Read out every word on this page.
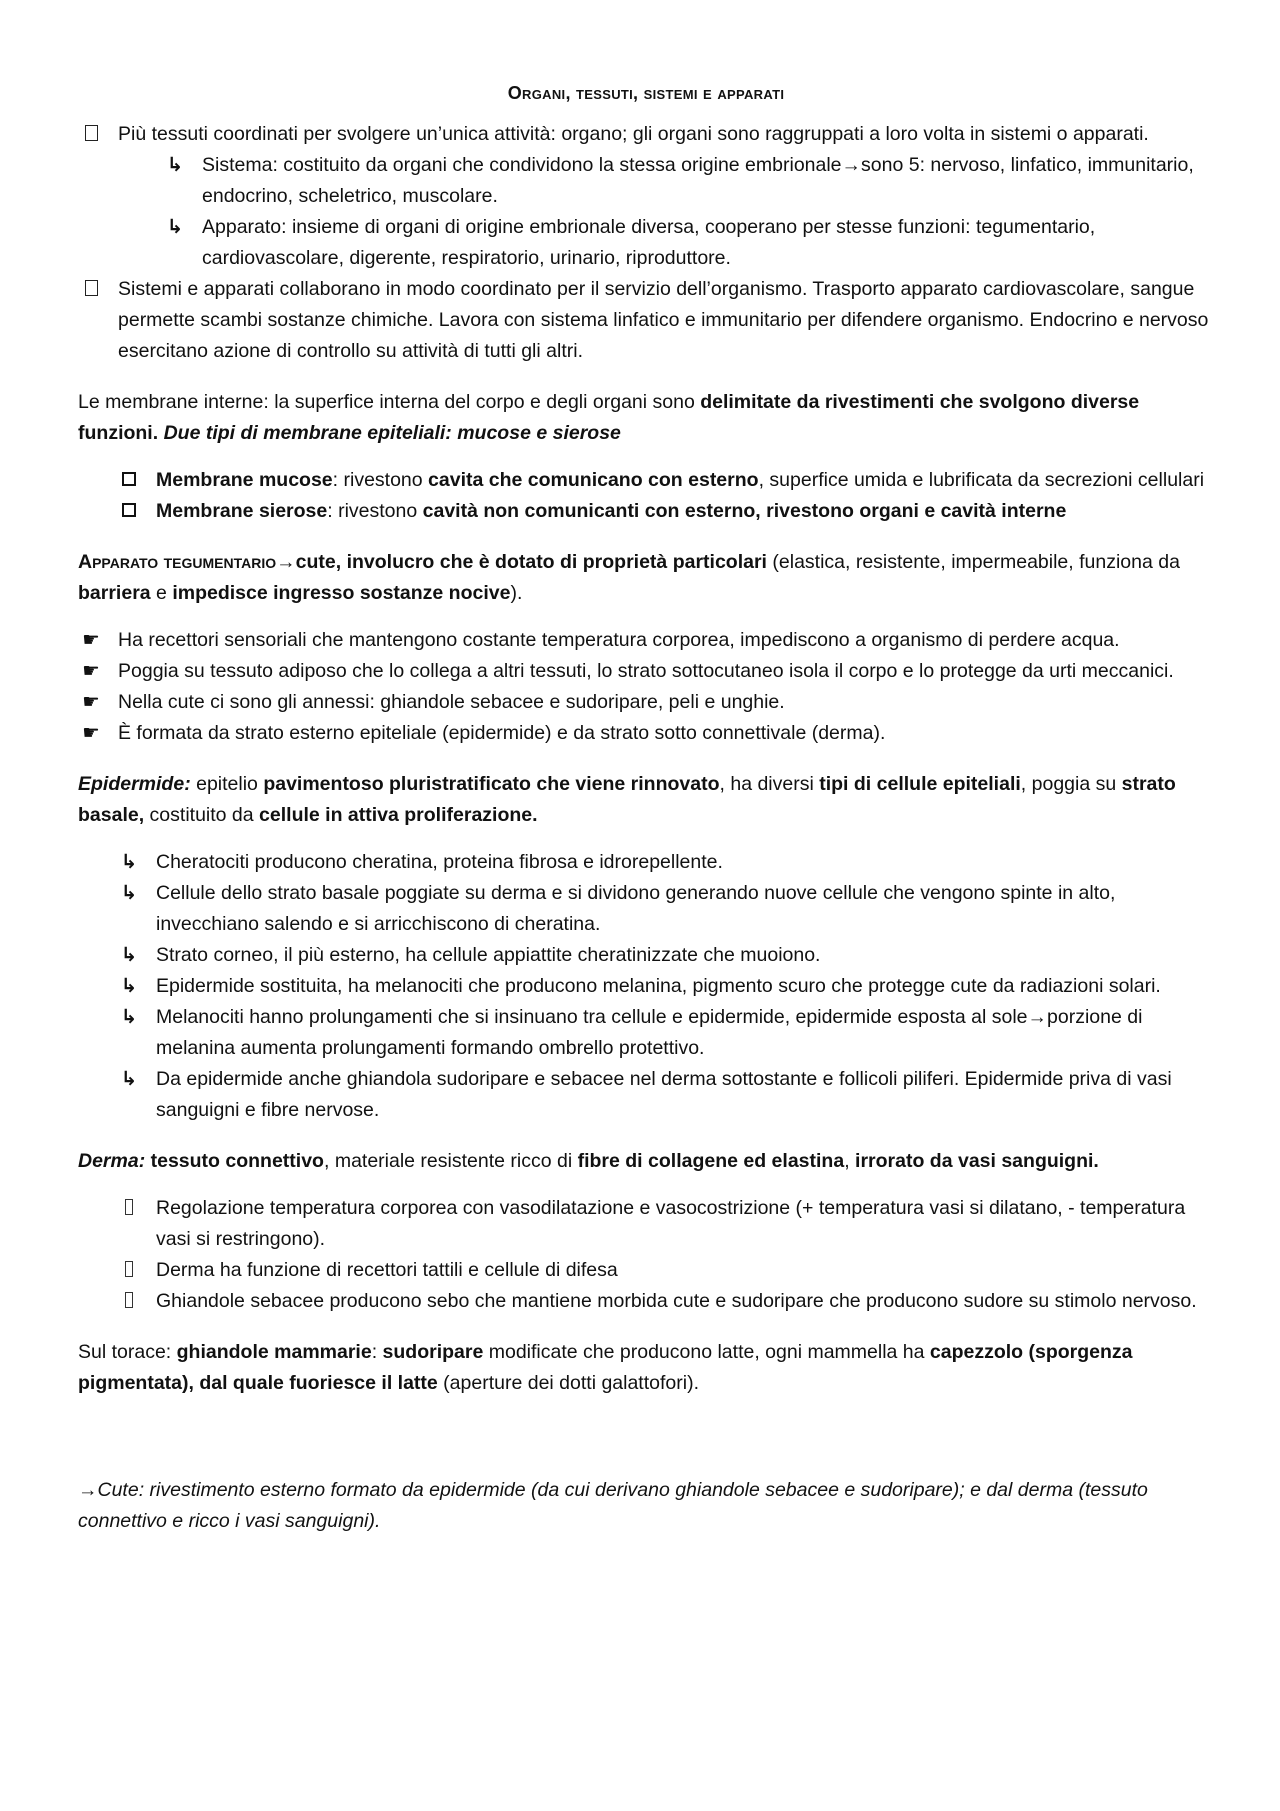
Organi, tessuti, sistemi e apparati
Più tessuti coordinati per svolgere un’unica attività: organo; gli organi sono raggruppati a loro volta in sistemi o apparati.
↳ Sistema: costituito da organi che condividono la stessa origine embrionale→sono 5: nervoso, linfatico, immunitario, endocrino, scheletrico, muscolare.
↳ Apparato: insieme di organi di origine embrionale diversa, cooperano per stesse funzioni: tegumentario, cardiovascolare, digerente, respiratorio, urinario, riproduttore.
Sistemi e apparati collaborano in modo coordinato per il servizio dell’organismo. Trasporto apparato cardiovascolare, sangue permette scambi sostanze chimiche. Lavora con sistema linfatico e immunitario per difendere organismo. Endocrino e nervoso esercitano azione di controllo su attività di tutti gli altri.

Le membrane interne: la superfice interna del corpo e degli organi sono delimitate da rivestimenti che svolgono diverse funzioni. Due tipi di membrane epiteliali: mucose e sierose

Membrane mucose: rivestono cavita che comunicano con esterno, superfice umida e lubrificata da secrezioni cellulari
Membrane sierose: rivestono cavità non comunicanti con esterno, rivestono organi e cavità interne

Apparato tegumentario→cute, involucro che è dotato di proprietà particolari (elastica, resistente, impermeabile, funziona da barriera e impedisce ingresso sostanze nocive).

☛ Ha recettori sensoriali che mantengono costante temperatura corporea, impediscono a organismo di perdere acqua.
☛ Poggia su tessuto adiposo che lo collega a altri tessuti, lo strato sottocutaneo isola il corpo e lo protegge da urti meccanici.
☛ Nella cute ci sono gli annessi: ghiandole sebacee e sudoripare, peli e unghie.
☛ È formata da strato esterno epiteliale (epidermide) e da strato sotto connettivale (derma).

Epidermide: epitelio pavimentoso pluristratificato che viene rinnovato, ha diversi tipi di cellule epiteliali, poggia su strato basale, costituito da cellule in attiva proliferazione.

↳ Cheratociti producono cheratina, proteina fibrosa e idrorepellente.
↳ Cellule dello strato basale poggiate su derma e si dividono generando nuove cellule che vengono spinte in alto, invecchiano salendo e si arricchiscono di cheratina.
↳ Strato corneo, il più esterno, ha cellule appiattite cheratinizzate che muoiono.
↳ Epidermide sostituita, ha melanociti che producono melanina, pigmento scuro che protegge cute da radiazioni solari.
↳ Melanociti hanno prolungamenti che si insinuano tra cellule e epidermide, epidermide esposta al sole→porzione di melanina aumenta prolungamenti formando ombrello protettivo.
↳ Da epidermide anche ghiandola sudoripare e sebacee nel derma sottostante e follicoli piliferi. Epidermide priva di vasi sanguigni e fibre nervose.

Derma: tessuto connettivo, materiale resistente ricco di fibre di collagene ed elastina, irrorato da vasi sanguigni.

Regolazione temperatura corporea con vasodilatazione e vasocostrizione (+ temperatura vasi si dilatano, - temperatura vasi si restringono).
Derma ha funzione di recettori tattili e cellule di difesa
Ghiandole sebacee producono sebo che mantiene morbida cute e sudoripare che producono sudore su stimolo nervoso.

Sul torace: ghiandole mammarie: sudoripare modificate che producono latte, ogni mammella ha capezzolo (sporgenza pigmentata), dal quale fuoriesce il latte (aperture dei dotti galattofori).

→Cute: rivestimento esterno formato da epidermide (da cui derivano ghiandole sebacee e sudoripare); e dal derma (tessuto connettivo e ricco i vasi sanguigni).
